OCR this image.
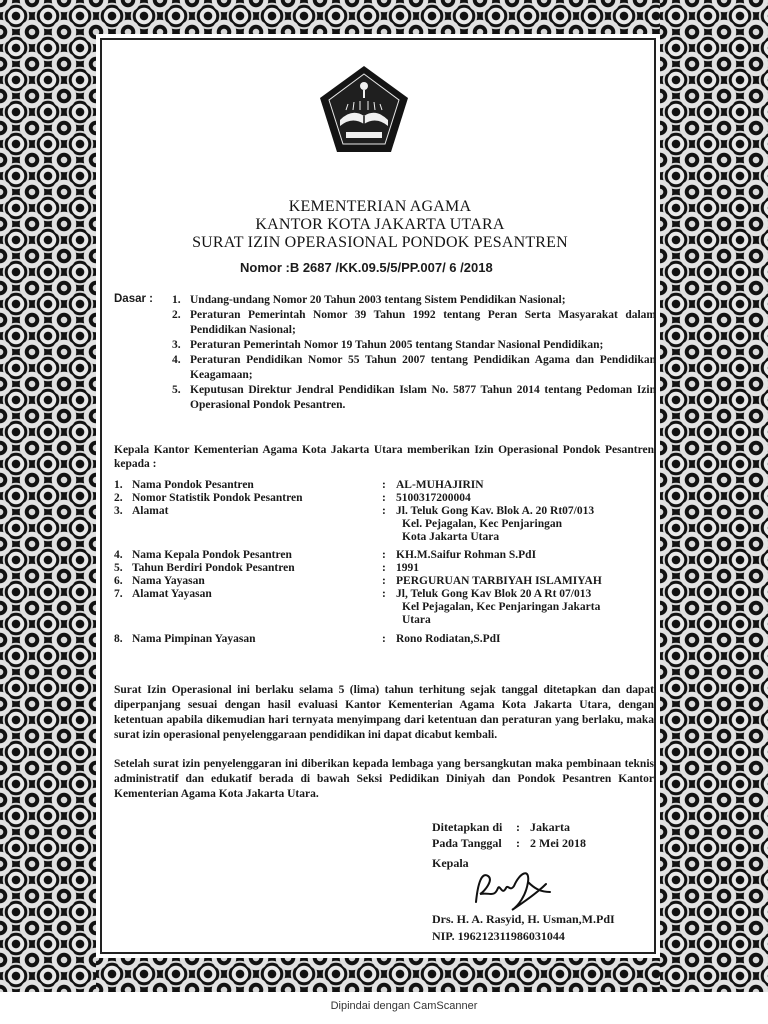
KEMENTERIAN AGAMA
KANTOR KOTA JAKARTA UTARA
SURAT IZIN OPERASIONAL PONDOK PESANTREN
Nomor :B 2687 /KK.09.5/5/PP.007/ 6 /2018
Dasar : 1. Undang-undang Nomor 20 Tahun 2003 tentang Sistem Pendidikan Nasional;
2. Peraturan Pemerintah Nomor 39 Tahun 1992 tentang Peran Serta Masyarakat dalam Pendidikan Nasional;
3. Peraturan Pemerintah Nomor 19 Tahun 2005 tentang Standar Nasional Pendidikan;
4. Peraturan Pendidikan Nomor 55 Tahun 2007 tentang Pendidikan Agama dan Pendidikan Keagamaan;
5. Keputusan Direktur Jendral Pendidikan Islam No. 5877 Tahun 2014 tentang Pedoman Izin Operasional Pondok Pesantren.
Kepala Kantor Kementerian Agama Kota Jakarta Utara memberikan Izin Operasional Pondok Pesantren kepada :
1. Nama Pondok Pesantren	: AL-MUHAJIRIN
2. Nomor Statistik Pondok Pesantren	: 5100317200004
3. Alamat	: Jl. Teluk Gong Kav. Blok A. 20 Rt07/013
Kel. Pejagalan, Kec Penjaringan
Kota Jakarta Utara
4. Nama Kepala Pondok Pesantren	: KH.M.Saifur Rohman S.PdI
5. Tahun Berdiri Pondok Pesantren	: 1991
6. Nama Yayasan	: PERGURUAN TARBIYAH ISLAMIYAH
7. Alamat Yayasan	: Jl, Teluk Gong Kav Blok 20 A Rt 07/013
Kel Pejagalan, Kec Penjaringan Jakarta
Utara
8. Nama Pimpinan Yayasan	: Rono Rodiatan,S.PdI
Surat Izin Operasional ini berlaku selama 5 (lima) tahun terhitung sejak tanggal ditetapkan dan dapat diperpanjang sesuai dengan hasil evaluasi Kantor Kementerian Agama Kota Jakarta Utara, dengan ketentuan apabila dikemudian hari ternyata menyimpang dari ketentuan dan peraturan yang berlaku, maka surat izin operasional penyelenggaraan pendidikan ini dapat dicabut kembali.
Setelah surat izin penyelenggaran ini diberikan kepada lembaga yang bersangkutan maka pembinaan teknis administratif dan edukatif berada di bawah Seksi Pedidikan Diniyah dan Pondok Pesantren Kantor Kementerian Agama Kota Jakarta Utara.
Ditetapkan di	: Jakarta
Pada Tanggal	: 2 Mei 2018
Kepala
Drs. H. A. Rasyid, H. Usman,M.PdI
NIP. 196212311986031044
Dipindai dengan CamScanner
